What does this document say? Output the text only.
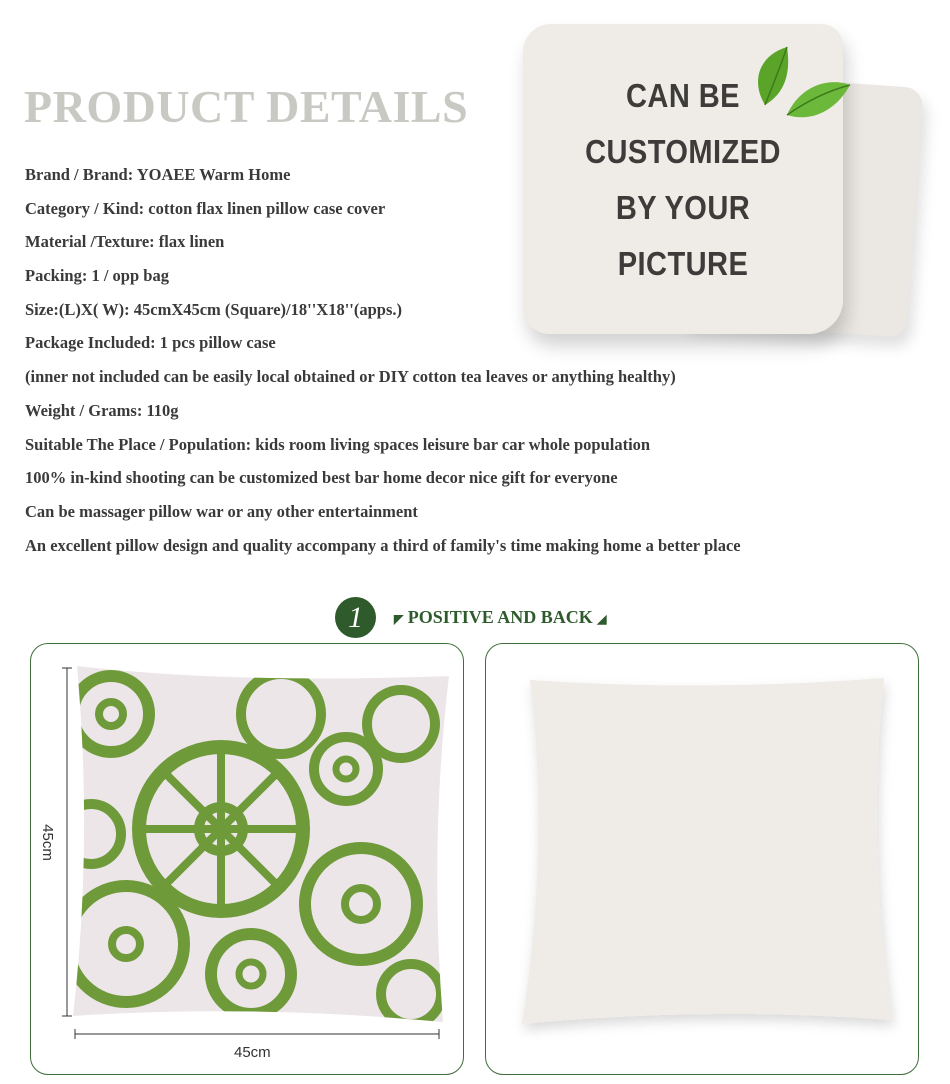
PRODUCT DETAILS
Brand / Brand: YOAEE Warm Home
Category / Kind: cotton flax linen pillow case cover
Material /Texture: flax linen
Packing: 1 / opp bag
Size:(L)X( W): 45cmX45cm (Square)/18''X18''(apps.)
Package Included: 1 pcs pillow case
(inner not included can be easily local obtained or DIY cotton tea leaves or anything healthy)
Weight / Grams: 110g
Suitable The Place / Population: kids room living spaces leisure bar car whole population
100% in-kind shooting can be customized best bar home decor nice gift for everyone
Can be massager pillow war or any other entertainment
An excellent pillow design and quality accompany a third of family's time making home a better place
CAN BE
CUSTOMIZED
BY YOUR
PICTURE
1	◤ POSITIVE AND BACK ◢
45cm
45cm
